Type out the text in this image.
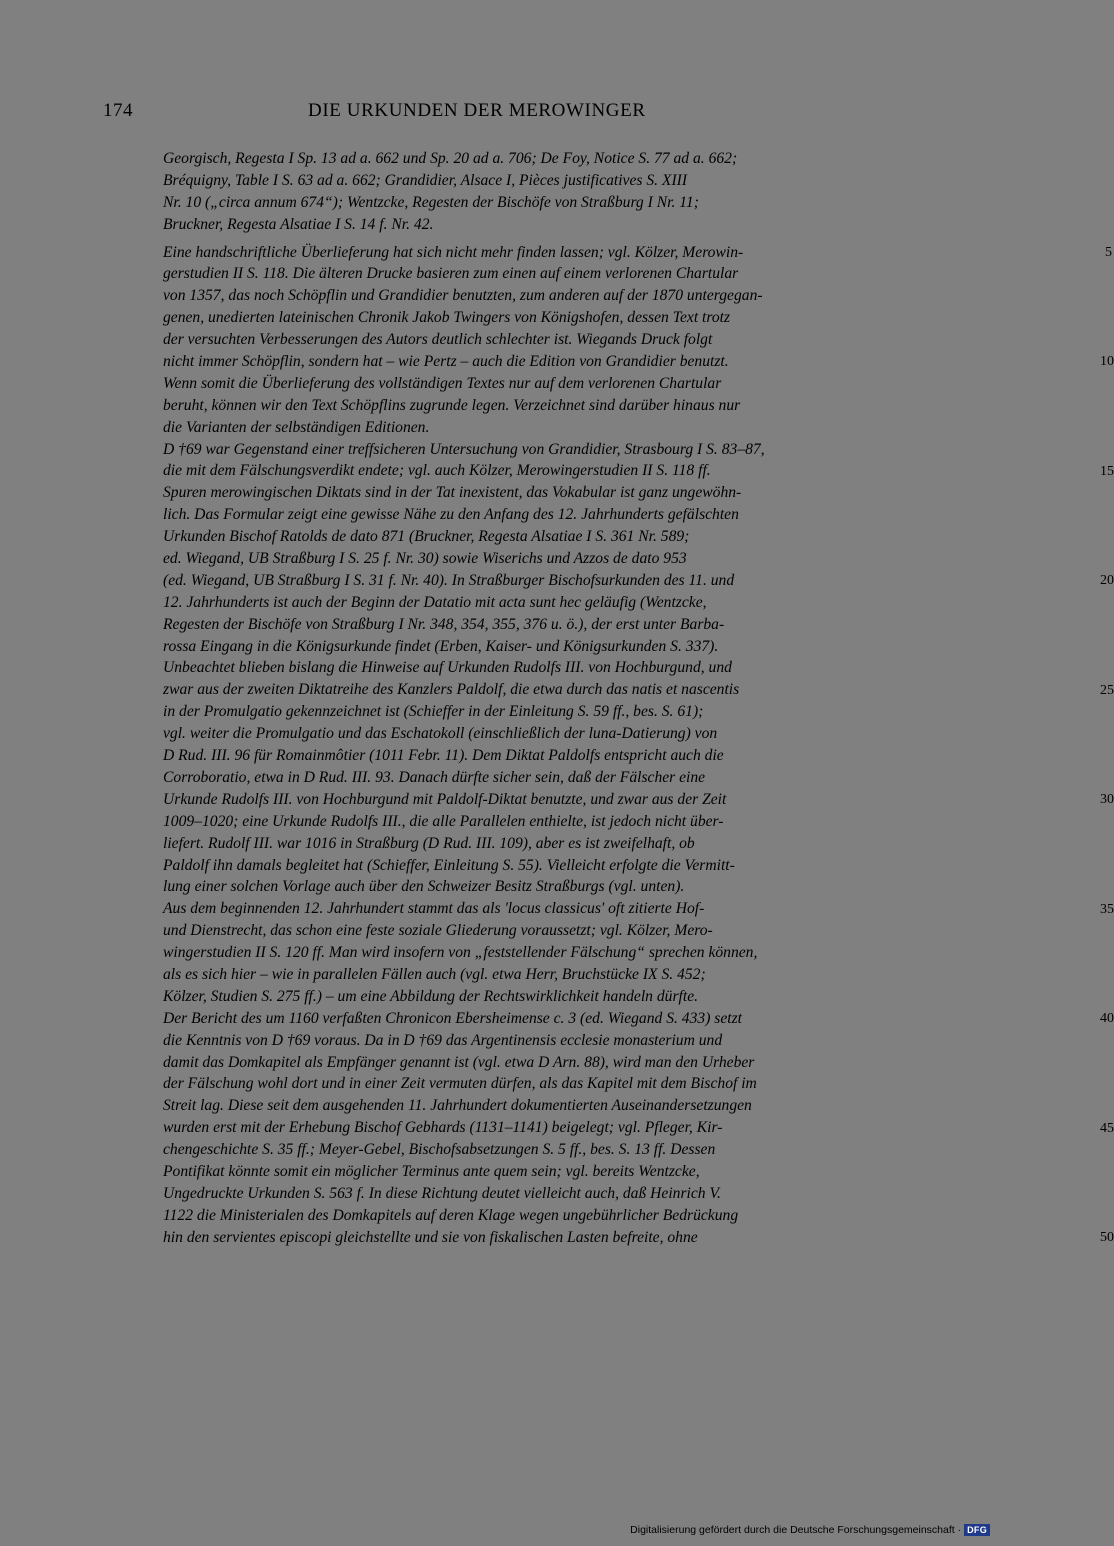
174	DIE URKUNDEN DER MEROWINGER
Georgisch, Regesta I Sp. 13 ad a. 662 und Sp. 20 ad a. 706; De Foy, Notice S. 77 ad a. 662;
Bréquigny, Table I S. 63 ad a. 662; Grandidier, Alsace I, Pièces justificatives S. XIII
Nr. 10 („circa annum 674“); Wentzcke, Regesten der Bischöfe von Straßburg I Nr. 11;
Bruckner, Regesta Alsatiae I S. 14 f. Nr. 42.
Eine handschriftliche Überlieferung hat sich nicht mehr finden lassen; vgl. Kölzer, Merowin-
gerstudien II S. 118. Die älteren Drucke basieren zum einen auf einem verlorenen Chartular
von 1357, das noch Schöpflin und Grandidier benutzten, zum anderen auf der 1870 untergegan-
genen, unedierten lateinischen Chronik Jakob Twingers von Königshofen, dessen Text trotz
der versuchten Verbesserungen des Autors deutlich schlechter ist. Wiegands Druck folgt
nicht immer Schöpflin, sondern hat – wie Pertz – auch die Edition von Grandidier benutzt.
Wenn somit die Überlieferung des vollständigen Textes nur auf dem verlorenen Chartular
beruht, können wir den Text Schöpflins zugrunde legen. Verzeichnet sind darüber hinaus nur
die Varianten der selbständigen Editionen.
D †69 war Gegenstand einer treffsicheren Untersuchung von Grandidier, Strasbourg I S. 83–87,
die mit dem Fälschungsverdikt endete; vgl. auch Kölzer, Merowingerstudien II S. 118 ff.
Spuren merowingischen Diktats sind in der Tat inexistent, das Vokabular ist ganz ungewöhn-
lich. Das Formular zeigt eine gewisse Nähe zu den Anfang des 12. Jahrhunderts gefälschten
Urkunden Bischof Ratolds de dato 871 (Bruckner, Regesta Alsatiae I S. 361 Nr. 589;
ed. Wiegand, UB Straßburg I S. 25 f. Nr. 30) sowie Wiserichs und Azzos de dato 953
(ed. Wiegand, UB Straßburg I S. 31 f. Nr. 40). In Straßburger Bischofsurkunden des 11. und
12. Jahrhunderts ist auch der Beginn der Datatio mit acta sunt hec geläufig (Wentzcke,
Regesten der Bischöfe von Straßburg I Nr. 348, 354, 355, 376 u. ö.), der erst unter Barba-
rossa Eingang in die Königsurkunde findet (Erben, Kaiser- und Königsurkunden S. 337).
Unbeachtet blieben bislang die Hinweise auf Urkunden Rudolfs III. von Hochburgund, und
zwar aus der zweiten Diktatreihe des Kanzlers Paldolf, die etwa durch das natis et nascentis
in der Promulgatio gekennzeichnet ist (Schieffer in der Einleitung S. 59 ff., bes. S. 61);
vgl. weiter die Promulgatio und das Eschatokoll (einschließlich der luna-Datierung) von
D Rud. III. 96 für Romainmôtier (1011 Febr. 11). Dem Diktat Paldolfs entspricht auch die
Corroboratio, etwa in D Rud. III. 93. Danach dürfte sicher sein, daß der Fälscher eine
Urkunde Rudolfs III. von Hochburgund mit Paldolf-Diktat benutzte, und zwar aus der Zeit
1009–1020; eine Urkunde Rudolfs III., die alle Parallelen enthielte, ist jedoch nicht über-
liefert. Rudolf III. war 1016 in Straßburg (D Rud. III. 109), aber es ist zweifelhaft, ob
Paldolf ihn damals begleitet hat (Schieffer, Einleitung S. 55). Vielleicht erfolgte die Vermitt-
lung einer solchen Vorlage auch über den Schweizer Besitz Straßburgs (vgl. unten).
Aus dem beginnenden 12. Jahrhundert stammt das als 'locus classicus' oft zitierte Hof-
und Dienstrecht, das schon eine feste soziale Gliederung voraussetzt; vgl. Kölzer, Mero-
wingerstudien II S. 120 ff. Man wird insofern von „feststellender Fälschung“ sprechen können,
als es sich hier – wie in parallelen Fällen auch (vgl. etwa Herr, Bruchstücke IX S. 452;
Kölzer, Studien S. 275 ff.) – um eine Abbildung der Rechtswirklichkeit handeln dürfte.
Der Bericht des um 1160 verfaßten Chronicon Ebersheimense c. 3 (ed. Wiegand S. 433) setzt
die Kenntnis von D †69 voraus. Da in D †69 das Argentinensis ecclesie monasterium und
damit das Domkapitel als Empfänger genannt ist (vgl. etwa D Arn. 88), wird man den Urheber
der Fälschung wohl dort und in einer Zeit vermuten dürfen, als das Kapitel mit dem Bischof im
Streit lag. Diese seit dem ausgehenden 11. Jahrhundert dokumentierten Auseinandersetzungen
wurden erst mit der Erhebung Bischof Gebhards (1131–1141) beigelegt; vgl. Pfleger, Kir-
chengeschichte S. 35 ff.; Meyer-Gebel, Bischofsabsetzungen S. 5 ff., bes. S. 13 ff. Dessen
Pontifikat könnte somit ein möglicher Terminus ante quem sein; vgl. bereits Wentzcke,
Ungedruckte Urkunden S. 563 f. In diese Richtung deutet vielleicht auch, daß Heinrich V.
1122 die Ministerialen des Domkapitels auf deren Klage wegen ungebührlicher Bedrückung
hin den servientes episcopi gleichstellte und sie von fiskalischen Lasten befreite, ohne
5
10
15
20
25
30
35
40
45
50
Digitalisierung gefördert durch die Deutsche Forschungsgemeinschaft · DFG
